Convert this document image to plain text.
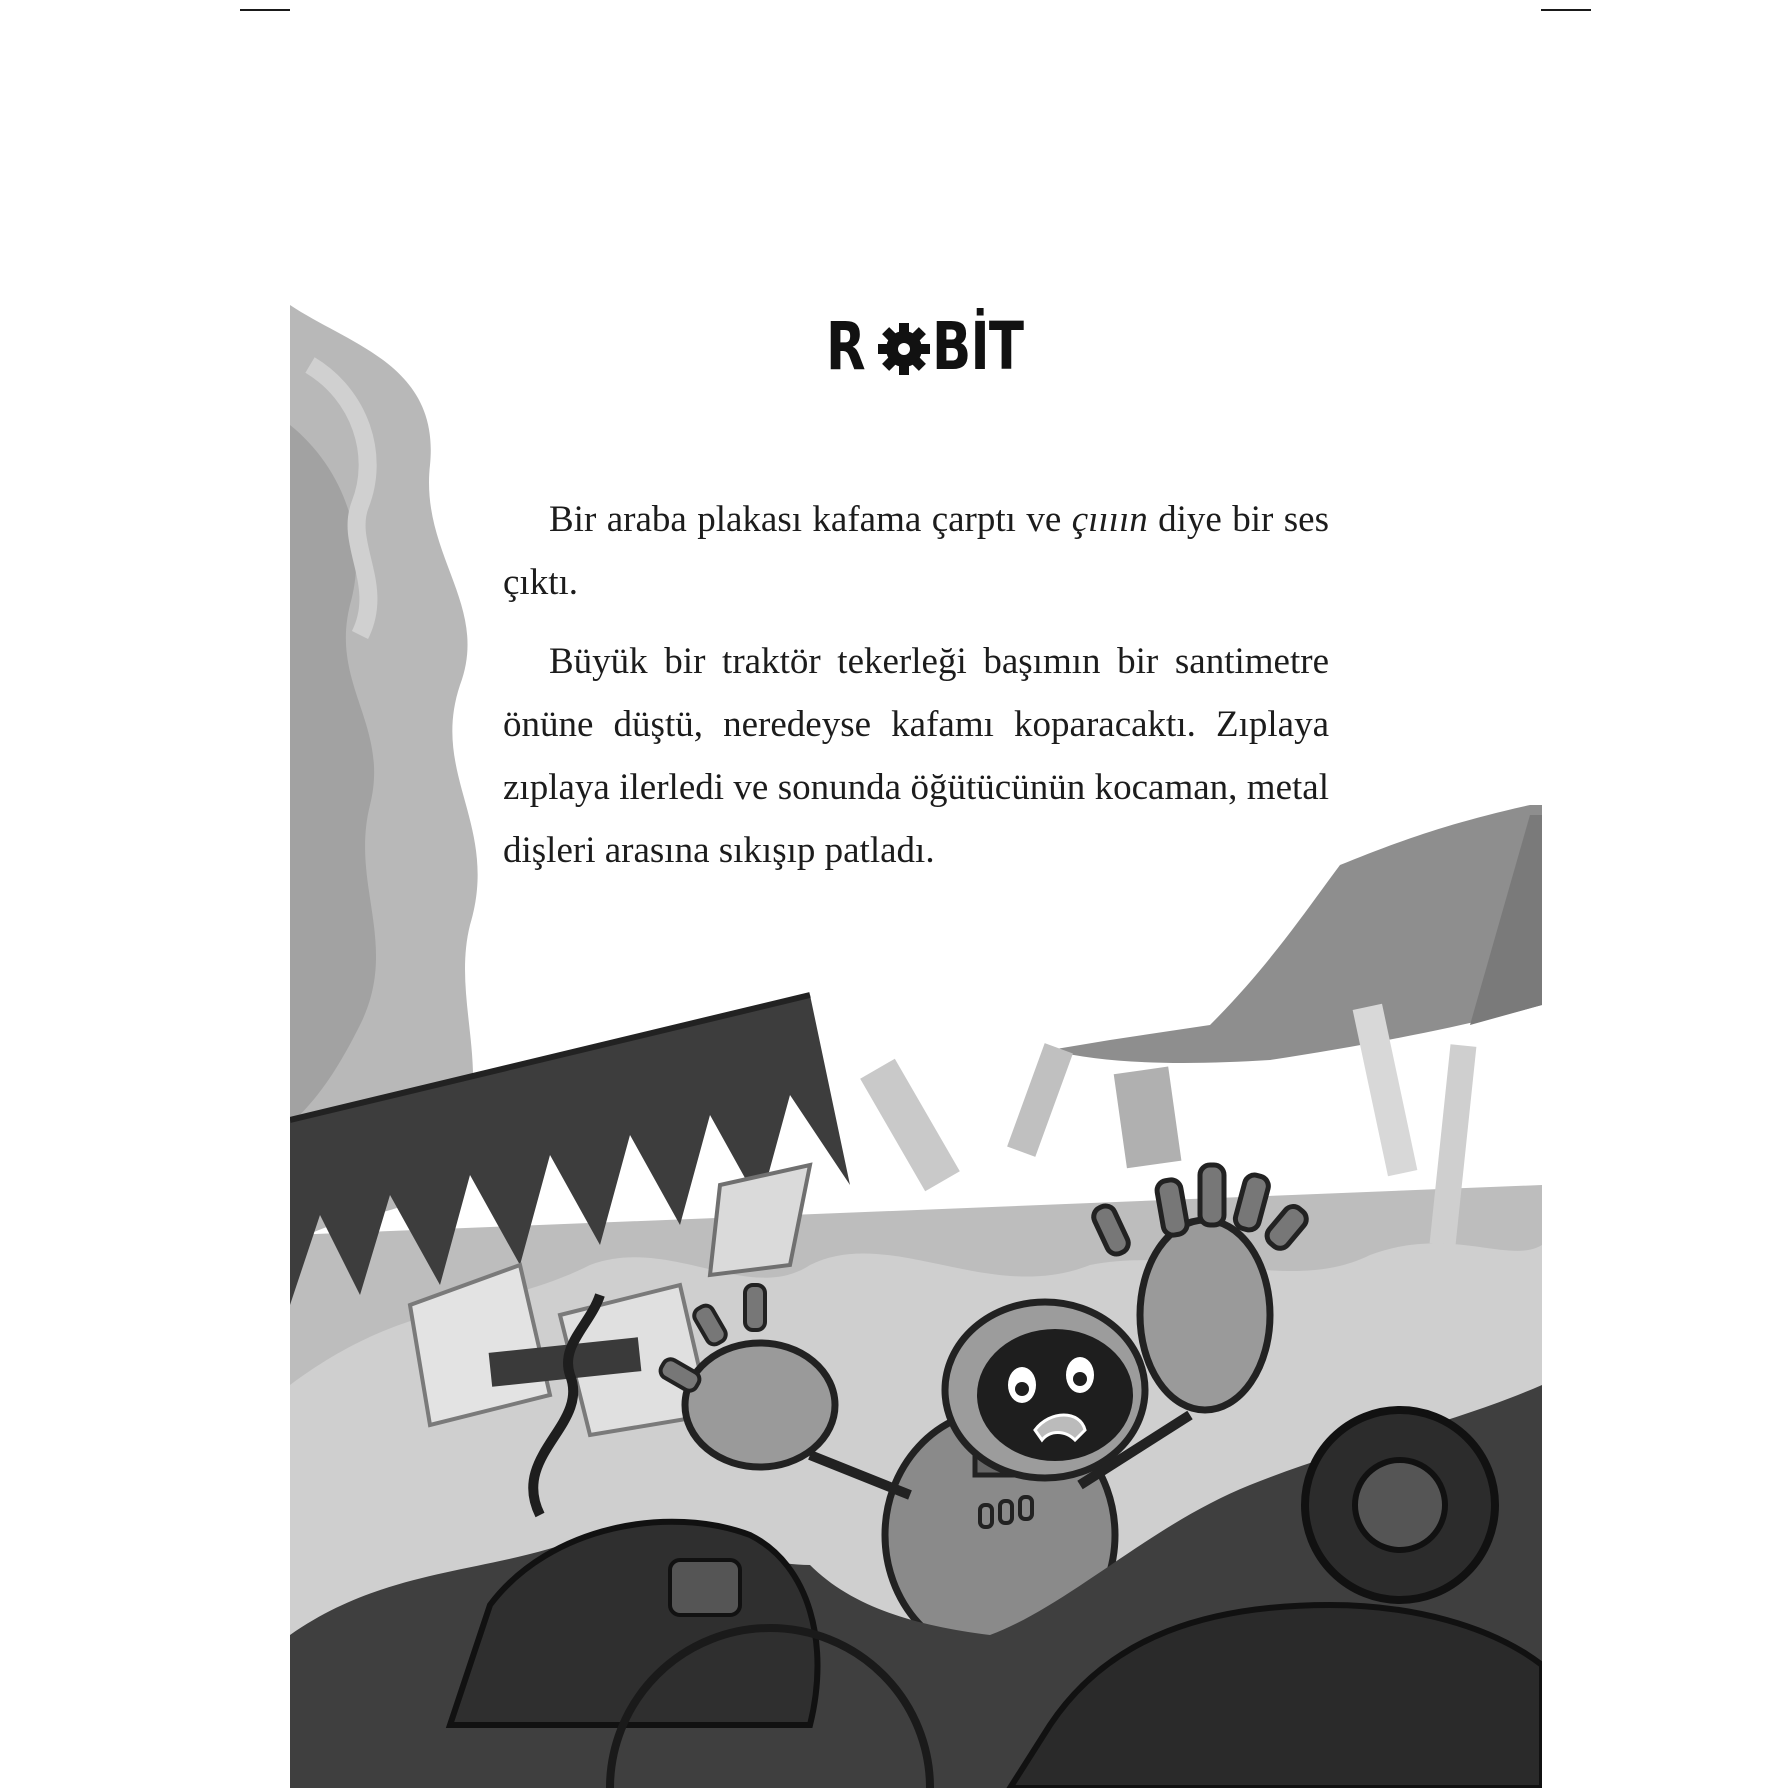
R BİT

Bir araba plakası kafama çarptı ve çıııın diye bir ses çıktı.

Büyük bir traktör tekerleği başımın bir santimetre önüne düştü, neredeyse kafamı koparacaktı. Zıplaya zıplaya ilerledi ve sonunda öğütücünün kocaman, metal dişleri arasına sıkışıp patladı.
